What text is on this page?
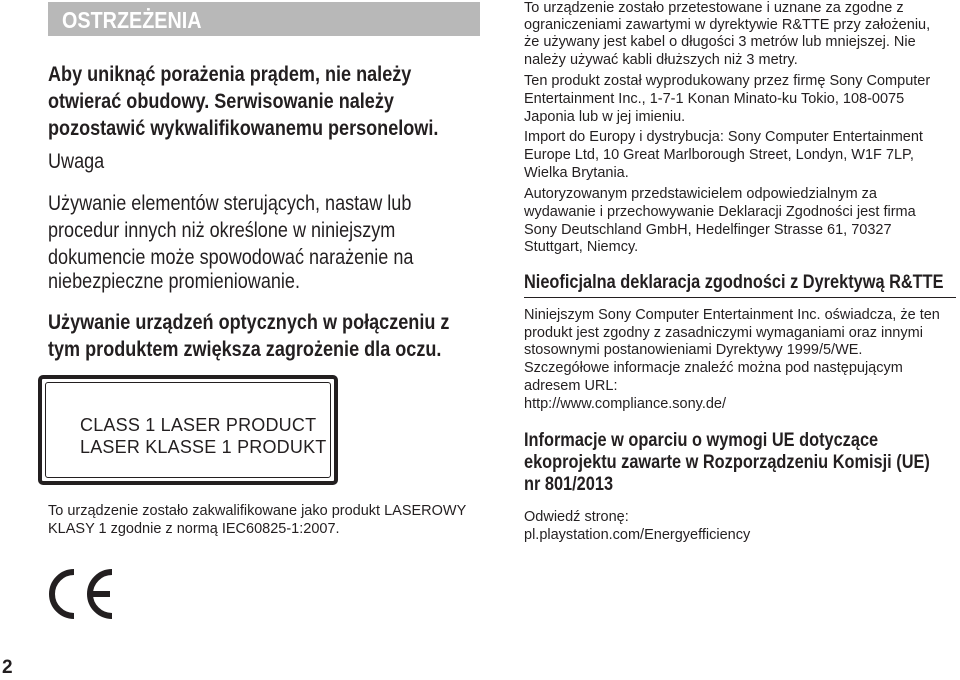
OSTRZEŻENIA
Aby uniknąć porażenia prądem, nie należy
otwierać obudowy. Serwisowanie należy
pozostawić wykwalifikowanemu personelowi.
Uwaga
Używanie elementów sterujących, nastaw lub
procedur innych niż określone w niniejszym
dokumencie może spowodować narażenie na
niebezpieczne promieniowanie.
Używanie urządzeń optycznych w połączeniu z
tym produktem zwiększa zagrożenie dla oczu.
CLASS 1 LASER PRODUCT
LASER KLASSE 1 PRODUKT
To urządzenie zostało zakwalifikowane jako produkt LASEROWY
KLASY 1 zgodnie z normą IEC60825-1:2007.
2
To urządzenie zostało przetestowane i uznane za zgodne z
ograniczeniami zawartymi w dyrektywie R&TTE przy założeniu,
że używany jest kabel o długości 3 metrów lub mniejszej. Nie
należy używać kabli dłuższych niż 3 metry.
Ten produkt został wyprodukowany przez firmę Sony Computer
Entertainment Inc., 1-7-1 Konan Minato-ku Tokio, 108-0075
Japonia lub w jej imieniu.
Import do Europy i dystrybucja: Sony Computer Entertainment
Europe Ltd, 10 Great Marlborough Street, Londyn, W1F 7LP,
Wielka Brytania.
Autoryzowanym przedstawicielem odpowiedzialnym za
wydawanie i przechowywanie Deklaracji Zgodności jest firma
Sony Deutschland GmbH, Hedelfinger Strasse 61, 70327
Stuttgart, Niemcy.
Nieoficjalna deklaracja zgodności z Dyrektywą R&TTE
Niniejszym Sony Computer Entertainment Inc. oświadcza, że ten
produkt jest zgodny z zasadniczymi wymaganiami oraz innymi
stosownymi postanowieniami Dyrektywy 1999/5/WE.
Szczegółowe informacje znaleźć można pod następującym
adresem URL:
http://www.compliance.sony.de/
Informacje w oparciu o wymogi UE dotyczące
ekoprojektu zawarte w Rozporządzeniu Komisji (UE)
nr 801/2013
Odwiedź stronę:
pl.playstation.com/Energyefficiency
